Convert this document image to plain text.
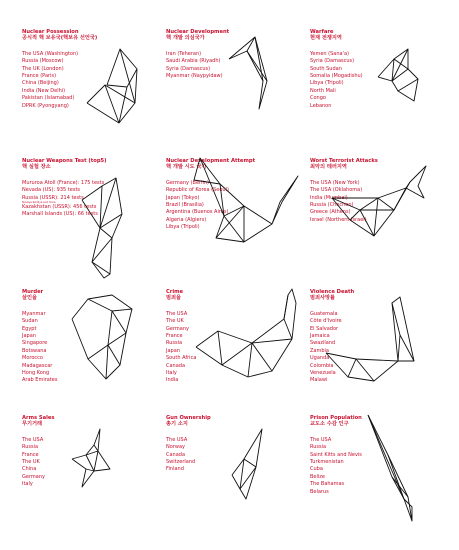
Nuclear Possession
공식적 핵 보유국(핵보유 선언국)
The USA (Washington)
Russia (Moscow)
The UK (London)
France (Paris)
China (Beijing)
India (New Delhi)
Pakistan (Islamabad)
DPRK (Pyongyang)
Nuclear Development
핵 개발 의심국가
Iran (Teheran)
Saudi Arabia (Riyadh)
Syria (Damascus)
Myanmar (Naypyidaw)
Warfare
현재 전쟁지역
Yemen (Sana'a)
Syria (Damascus)
South Sudan
Somalia (Mogadishu)
Libya (Tripoli)
North Mali
Congo
Lebanon
Nuclear Weapons Test (top5)
핵 실험 장소
Mururoa Atoll (France): 175 tests
Nevada (US): 935 tests
Russia (USSR): 214 tests
Novaya Zemlya and more
Kazakhstan (USSR): 456 tests
Marshall Islands (US): 66 tests
Nuclear Development Attempt
핵 개발 시도 국가
Germany (Berlin)
Republic of Korea (Seoul)
Japan (Tokyo)
Brazil (Brasilia)
Argentina (Buenos Aires)
Algeria (Algiers)
Libya (Tripoli)
Worst Terrorist Attacks
최악의 테러지역
The USA (New York)
The USA (Oklahoma)
India (Mumbai)
Russia (Chechen)
Greece (Athens)
Israel (Northern Israel)
Murder
살인율
Myanmar
Sudan
Egypt
Japan
Singapore
Botswana
Morocco
Madagascar
Hong Kong
Arab Emirates
Crime
범죄율
The USA
The UK
Germany
France
Russia
Japan
South Africa
Canada
Italy
India
Violence Death
범죄사망률
Guatemala
Côte d'Ivoire
El Salvador
Jamaica
Swaziland
Zambia
Uganda
Colombia
Venezuela
Malawi
Arms Sales
무기거래
The USA
Russia
France
The UK
China
Germany
Italy
Gun Ownership
총기 소지
The USA
Norway
Canada
Switzerland
Finland
Prison Population
교도소 수감 인구
The USA
Russia
Saint Kitts and Nevis
Turkmenistan
Cuba
Belize
The Bahamas
Belarus
